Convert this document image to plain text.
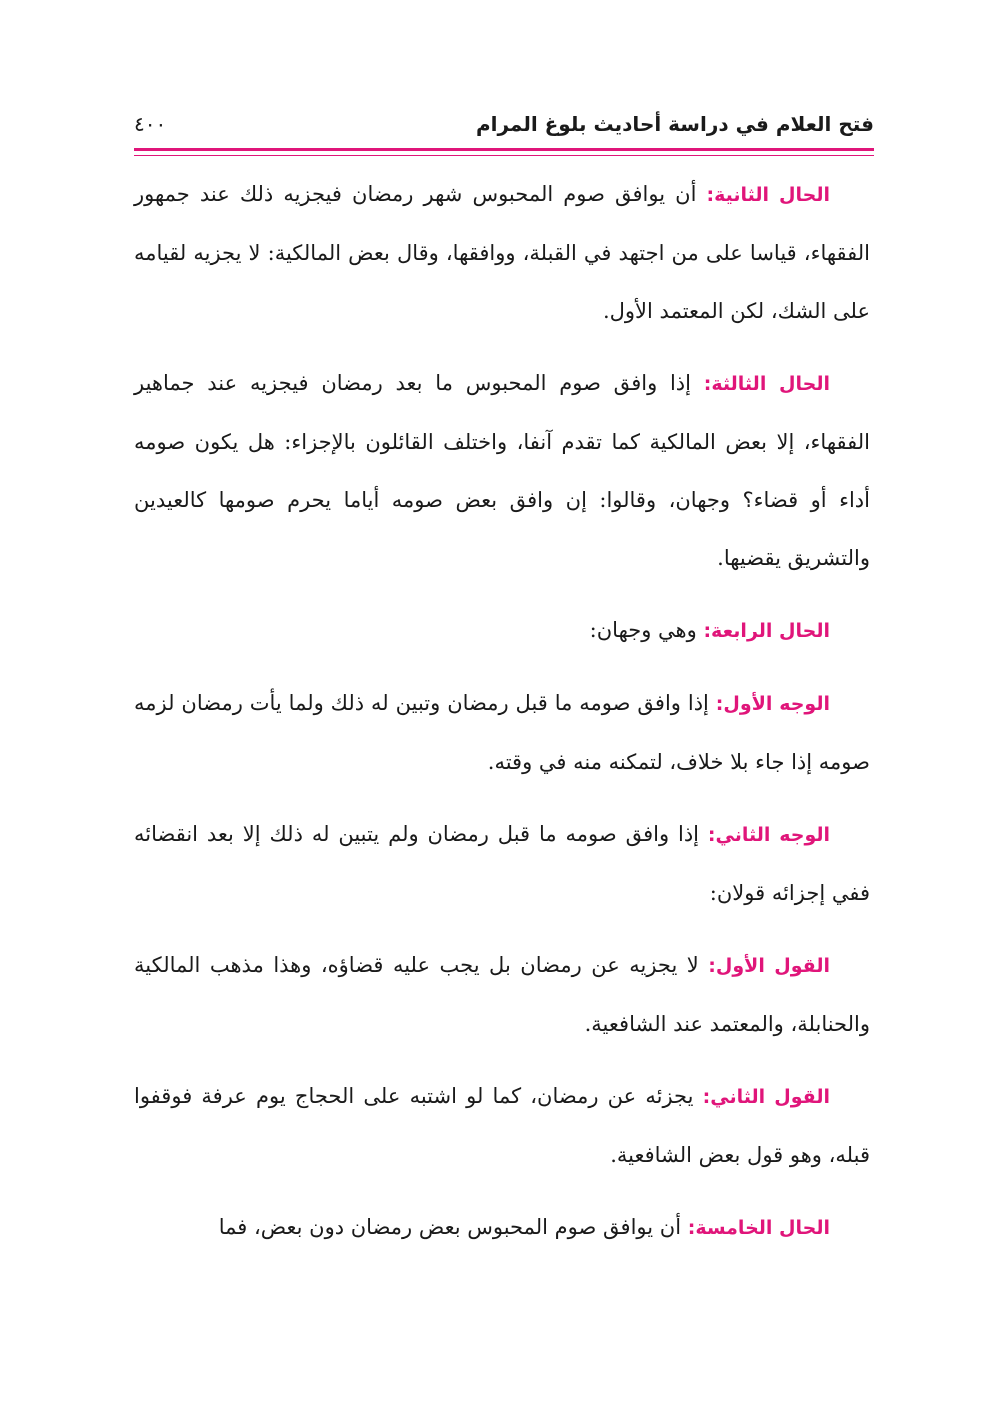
فتح العلام في دراسة أحاديث بلوغ المرام
٤٠٠

الحال الثانية: أن يوافق صوم المحبوس شهر رمضان فيجزيه ذلك عند جمهور الفقهاء، قياسا على من اجتهد في القبلة، ووافقها، وقال بعض المالكية: لا يجزيه لقيامه على الشك، لكن المعتمد الأول.

الحال الثالثة: إذا وافق صوم المحبوس ما بعد رمضان فيجزيه عند جماهير الفقهاء، إلا بعض المالكية كما تقدم آنفا، واختلف القائلون بالإجزاء: هل يكون صومه أداء أو قضاء؟ وجهان، وقالوا: إن وافق بعض صومه أياما يحرم صومها كالعيدين والتشريق يقضيها.

الحال الرابعة: وهي وجهان:

الوجه الأول: إذا وافق صومه ما قبل رمضان وتبين له ذلك ولما يأت رمضان لزمه صومه إذا جاء بلا خلاف، لتمكنه منه في وقته.

الوجه الثاني: إذا وافق صومه ما قبل رمضان ولم يتبين له ذلك إلا بعد انقضائه ففي إجزائه قولان:

القول الأول: لا يجزيه عن رمضان بل يجب عليه قضاؤه، وهذا مذهب المالكية والحنابلة، والمعتمد عند الشافعية.

القول الثاني: يجزئه عن رمضان، كما لو اشتبه على الحجاج يوم عرفة فوقفوا قبله، وهو قول بعض الشافعية.

الحال الخامسة: أن يوافق صوم المحبوس بعض رمضان دون بعض، فما
